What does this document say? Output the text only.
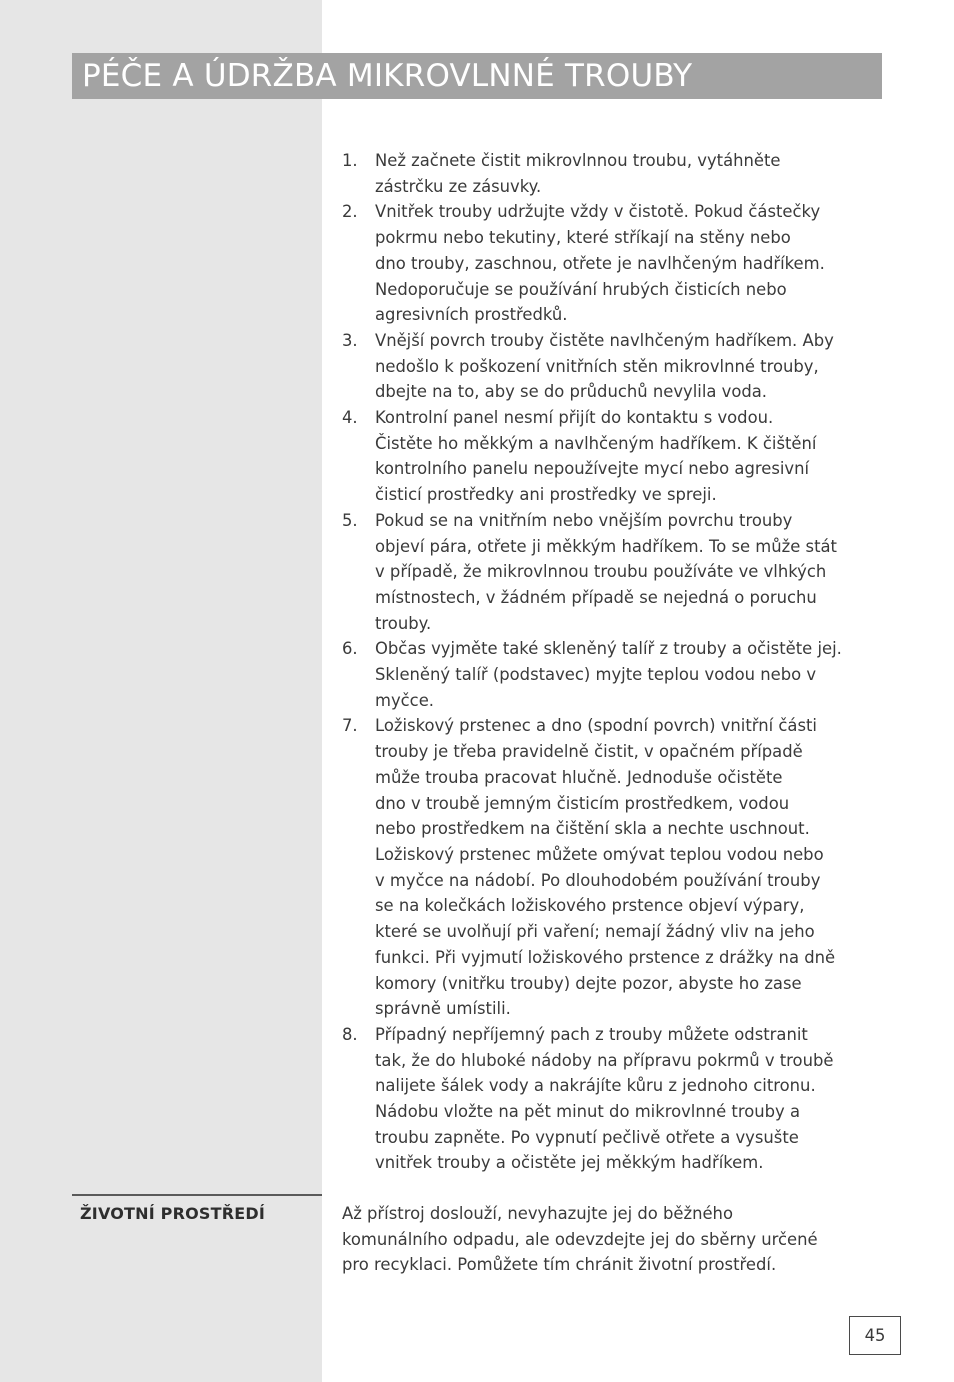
PÉČE A ÚDRŽBA MIKROVLNNÉ TROUBY
1.	Než začnete čistit mikrovlnnou troubu, vytáhněte
zástrčku ze zásuvky.
2.	Vnitřek trouby udržujte vždy v čistotě. Pokud částečky
pokrmu nebo tekutiny, které stříkají na stěny nebo
dno trouby, zaschnou, otřete je navlhčeným hadříkem.
Nedoporučuje se používání hrubých čisticích nebo
agresivních prostředků.
3.	Vnější povrch trouby čistěte navlhčeným hadříkem. Aby
nedošlo k poškození vnitřních stěn mikrovlnné trouby,
dbejte na to, aby se do průduchů nevylila voda.
4.	Kontrolní panel nesmí přijít do kontaktu s vodou.
Čistěte ho měkkým a navlhčeným hadříkem. K čištění
kontrolního panelu nepoužívejte mycí nebo agresivní
čisticí prostředky ani prostředky ve spreji.
5.	Pokud se na vnitřním nebo vnějším povrchu trouby
objeví pára, otřete ji měkkým hadříkem. To se může stát
v případě, že mikrovlnnou troubu používáte ve vlhkých
místnostech, v žádném případě se nejedná o poruchu
trouby.
6.	Občas vyjměte také skleněný talíř z trouby a očistěte jej.
Skleněný talíř (podstavec) myjte teplou vodou nebo v
myčce.
7.	Ložiskový prstenec a dno (spodní povrch) vnitřní části
trouby je třeba pravidelně čistit, v opačném případě
může trouba pracovat hlučně. Jednoduše očistěte
dno v troubě jemným čisticím prostředkem, vodou
nebo prostředkem na čištění skla a nechte uschnout.
Ložiskový prstenec můžete omývat teplou vodou nebo
v myčce na nádobí. Po dlouhodobém používání trouby
se na kolečkách ložiskového prstence objeví výpary,
které se uvolňují při vaření; nemají žádný vliv na jeho
funkci. Při vyjmutí ložiskového prstence z drážky na dně
komory (vnitřku trouby) dejte pozor, abyste ho zase
správně umístili.
8.	Případný nepříjemný pach z trouby můžete odstranit
tak, že do hluboké nádoby na přípravu pokrmů v troubě
nalijete šálek vody a nakrájíte kůru z jednoho citronu.
Nádobu vložte na pět minut do mikrovlnné trouby a
troubu zapněte. Po vypnutí pečlivě otřete a vysušte
vnitřek trouby a očistěte jej měkkým hadříkem.
ŽIVOTNÍ PROSTŘEDÍ	Až přístroj doslouží, nevyhazujte jej do běžného
komunálního odpadu, ale odevzdejte jej do sběrny určené
pro recyklaci. Pomůžete tím chránit životní prostředí.
45
